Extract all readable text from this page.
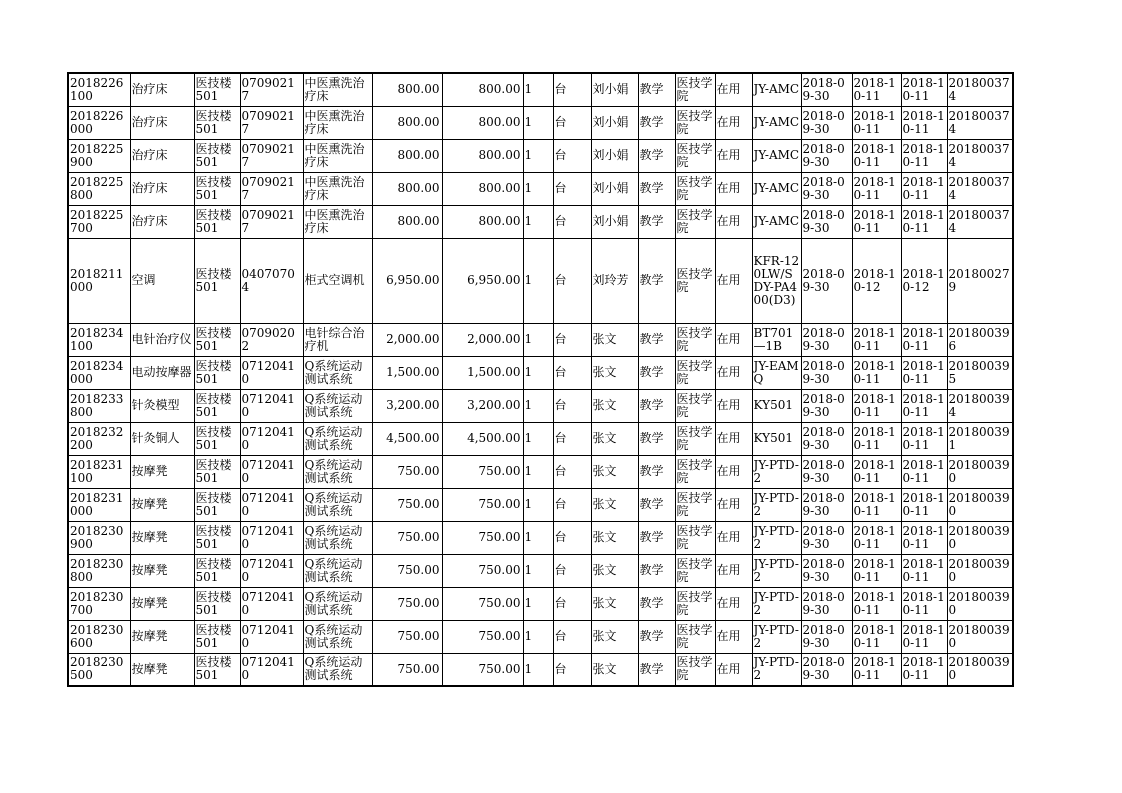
2018226100	治疗床	医技楼501	07090217	中医熏洗治疗床	800.00	800.00	1	台	刘小娟	教学	医技学院	在用	JY-AMC	2018-09-30	2018-10-11	2018-10-11	201800374
2018226000	治疗床	医技楼501	07090217	中医熏洗治疗床	800.00	800.00	1	台	刘小娟	教学	医技学院	在用	JY-AMC	2018-09-30	2018-10-11	2018-10-11	201800374
2018225900	治疗床	医技楼501	07090217	中医熏洗治疗床	800.00	800.00	1	台	刘小娟	教学	医技学院	在用	JY-AMC	2018-09-30	2018-10-11	2018-10-11	201800374
2018225800	治疗床	医技楼501	07090217	中医熏洗治疗床	800.00	800.00	1	台	刘小娟	教学	医技学院	在用	JY-AMC	2018-09-30	2018-10-11	2018-10-11	201800374
2018225700	治疗床	医技楼501	07090217	中医熏洗治疗床	800.00	800.00	1	台	刘小娟	教学	医技学院	在用	JY-AMC	2018-09-30	2018-10-11	2018-10-11	201800374
2018211000	空调	医技楼501	04070704	柜式空调机	6,950.00	6,950.00	1	台	刘玲芳	教学	医技学院	在用	KFR-120LW/SDY-PA400(D3)	2018-09-30	2018-10-12	2018-10-12	201800279
2018234100	电针治疗仪	医技楼501	07090202	电针综合治疗机	2,000.00	2,000.00	1	台	张文	教学	医技学院	在用	BT701—1B	2018-09-30	2018-10-11	2018-10-11	201800396
2018234000	电动按摩器	医技楼501	07120410	Q系统运动测试系统	1,500.00	1,500.00	1	台	张文	教学	医技学院	在用	JY-EAMQ	2018-09-30	2018-10-11	2018-10-11	201800395
2018233800	针灸模型	医技楼501	07120410	Q系统运动测试系统	3,200.00	3,200.00	1	台	张文	教学	医技学院	在用	KY501	2018-09-30	2018-10-11	2018-10-11	201800394
2018232200	针灸铜人	医技楼501	07120410	Q系统运动测试系统	4,500.00	4,500.00	1	台	张文	教学	医技学院	在用	KY501	2018-09-30	2018-10-11	2018-10-11	201800391
2018231100	按摩凳	医技楼501	07120410	Q系统运动测试系统	750.00	750.00	1	台	张文	教学	医技学院	在用	JY-PTD-2	2018-09-30	2018-10-11	2018-10-11	201800390
2018231000	按摩凳	医技楼501	07120410	Q系统运动测试系统	750.00	750.00	1	台	张文	教学	医技学院	在用	JY-PTD-2	2018-09-30	2018-10-11	2018-10-11	201800390
2018230900	按摩凳	医技楼501	07120410	Q系统运动测试系统	750.00	750.00	1	台	张文	教学	医技学院	在用	JY-PTD-2	2018-09-30	2018-10-11	2018-10-11	201800390
2018230800	按摩凳	医技楼501	07120410	Q系统运动测试系统	750.00	750.00	1	台	张文	教学	医技学院	在用	JY-PTD-2	2018-09-30	2018-10-11	2018-10-11	201800390
2018230700	按摩凳	医技楼501	07120410	Q系统运动测试系统	750.00	750.00	1	台	张文	教学	医技学院	在用	JY-PTD-2	2018-09-30	2018-10-11	2018-10-11	201800390
2018230600	按摩凳	医技楼501	07120410	Q系统运动测试系统	750.00	750.00	1	台	张文	教学	医技学院	在用	JY-PTD-2	2018-09-30	2018-10-11	2018-10-11	201800390
2018230500	按摩凳	医技楼501	07120410	Q系统运动测试系统	750.00	750.00	1	台	张文	教学	医技学院	在用	JY-PTD-2	2018-09-30	2018-10-11	2018-10-11	201800390
